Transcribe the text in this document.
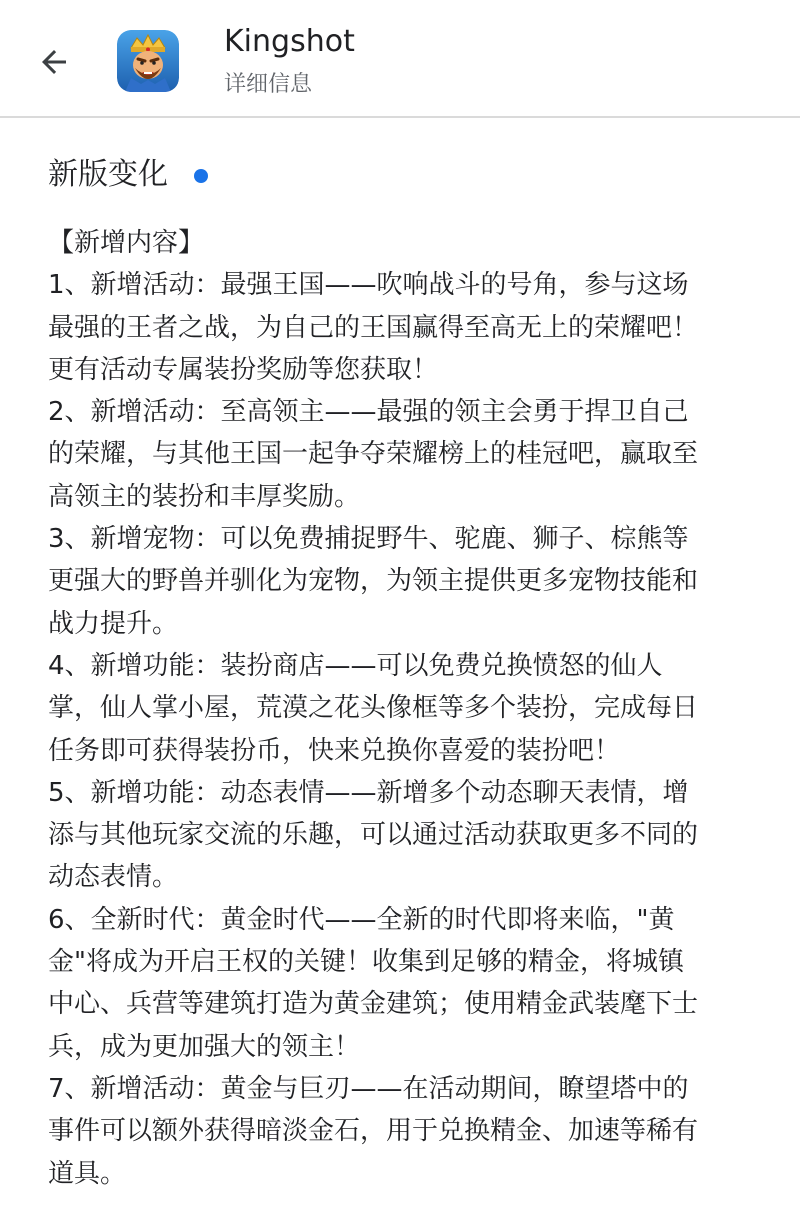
Kingshot
详细信息
新版变化
【新增内容】
1、新增活动：最强王国——吹响战斗的号角，参与这场
最强的王者之战，为自己的王国赢得至高无上的荣耀吧！
更有活动专属装扮奖励等您获取！
2、新增活动：至高领主——最强的领主会勇于捍卫自己
的荣耀，与其他王国一起争夺荣耀榜上的桂冠吧，赢取至
高领主的装扮和丰厚奖励。
3、新增宠物：可以免费捕捉野牛、驼鹿、狮子、棕熊等
更强大的野兽并驯化为宠物，为领主提供更多宠物技能和
战力提升。
4、新增功能：装扮商店——可以免费兑换愤怒的仙人
掌，仙人掌小屋，荒漠之花头像框等多个装扮，完成每日
任务即可获得装扮币，快来兑换你喜爱的装扮吧！
5、新增功能：动态表情——新增多个动态聊天表情，增
添与其他玩家交流的乐趣，可以通过活动获取更多不同的
动态表情。
6、全新时代：黄金时代——全新的时代即将来临，"黄
金"将成为开启王权的关键！收集到足够的精金，将城镇
中心、兵营等建筑打造为黄金建筑；使用精金武装麾下士
兵，成为更加强大的领主！
7、新增活动：黄金与巨刃——在活动期间，瞭望塔中的
事件可以额外获得暗淡金石，用于兑换精金、加速等稀有
道具。
